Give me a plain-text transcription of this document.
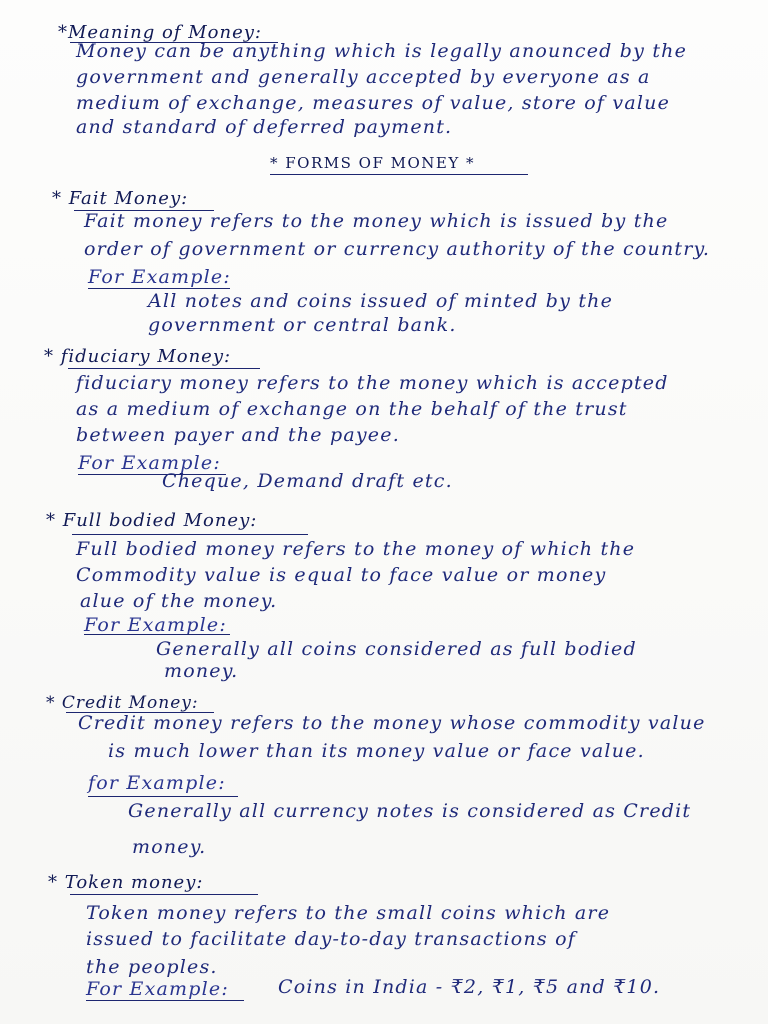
*Meaning of Money:
Money can be anything which is legally anounced by the
government and generally accepted by everyone as a
medium of exchange, measures of value, store of value
and standard of deferred payment.
* FORMS OF MONEY *
* Fait Money:
Fait money refers to the money which is issued by the
order of government or currency authority of the country.
For Example:
All notes and coins issued of minted by the
government or central bank.
* fiduciary Money:
fiduciary money refers to the money which is accepted
as a medium of exchange on the behalf of the trust
between payer and the payee.
For Example:
Cheque, Demand draft etc.
* Full bodied Money:
Full bodied money refers to the money of which the
Commodity value is equal to face value or money
alue of the money.
For Example:
Generally all coins considered as full bodied
money.
* Credit Money:
Credit money refers to the money whose commodity value
is much lower than its money value or face value.
for Example:
Generally all currency notes is considered as Credit
money.
* Token money:
Token money refers to the small coins which are
issued to facilitate day-to-day transactions of
the peoples.
For Example:	Coins in India - ₹2, ₹1, ₹5 and ₹10.
